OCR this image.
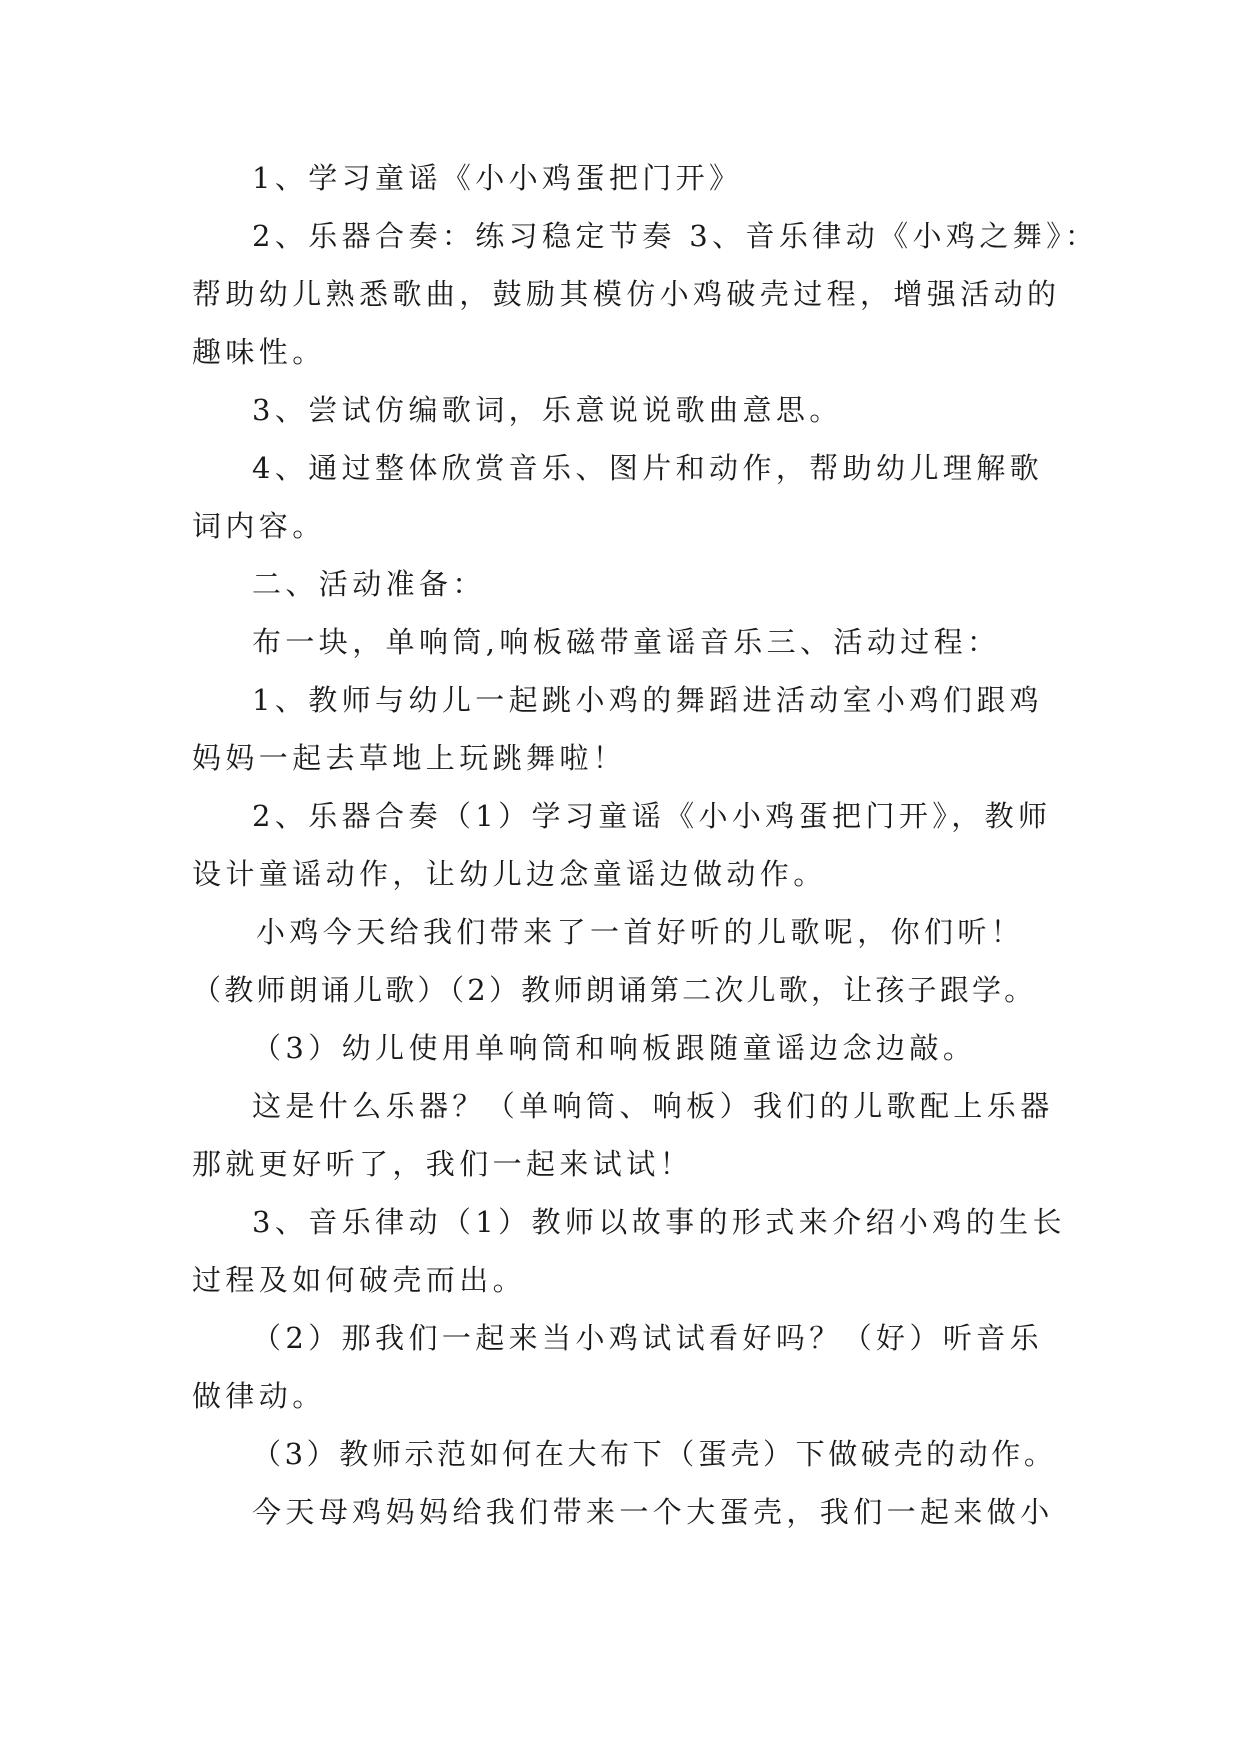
1、学习童谣《小小鸡蛋把门开》
2、乐器合奏：练习稳定节奏 3、音乐律动《小鸡之舞》：
帮助幼儿熟悉歌曲，鼓励其模仿小鸡破壳过程，增强活动的
趣味性。
3、尝试仿编歌词，乐意说说歌曲意思。
4、通过整体欣赏音乐、图片和动作，帮助幼儿理解歌
词内容。
二、活动准备：
布一块，单响筒,响板磁带童谣音乐三、活动过程：
1、教师与幼儿一起跳小鸡的舞蹈进活动室小鸡们跟鸡
妈妈一起去草地上玩跳舞啦！
2、乐器合奏（1）学习童谣《小小鸡蛋把门开》，教师
设计童谣动作，让幼儿边念童谣边做动作。
小鸡今天给我们带来了一首好听的儿歌呢，你们听！
（教师朗诵儿歌）（2）教师朗诵第二次儿歌，让孩子跟学。
（3）幼儿使用单响筒和响板跟随童谣边念边敲。
这是什么乐器？（单响筒、响板）我们的儿歌配上乐器
那就更好听了，我们一起来试试！
3、音乐律动（1）教师以故事的形式来介绍小鸡的生长
过程及如何破壳而出。
（2）那我们一起来当小鸡试试看好吗？（好）听音乐
做律动。
（3）教师示范如何在大布下（蛋壳）下做破壳的动作。
今天母鸡妈妈给我们带来一个大蛋壳，我们一起来做小
